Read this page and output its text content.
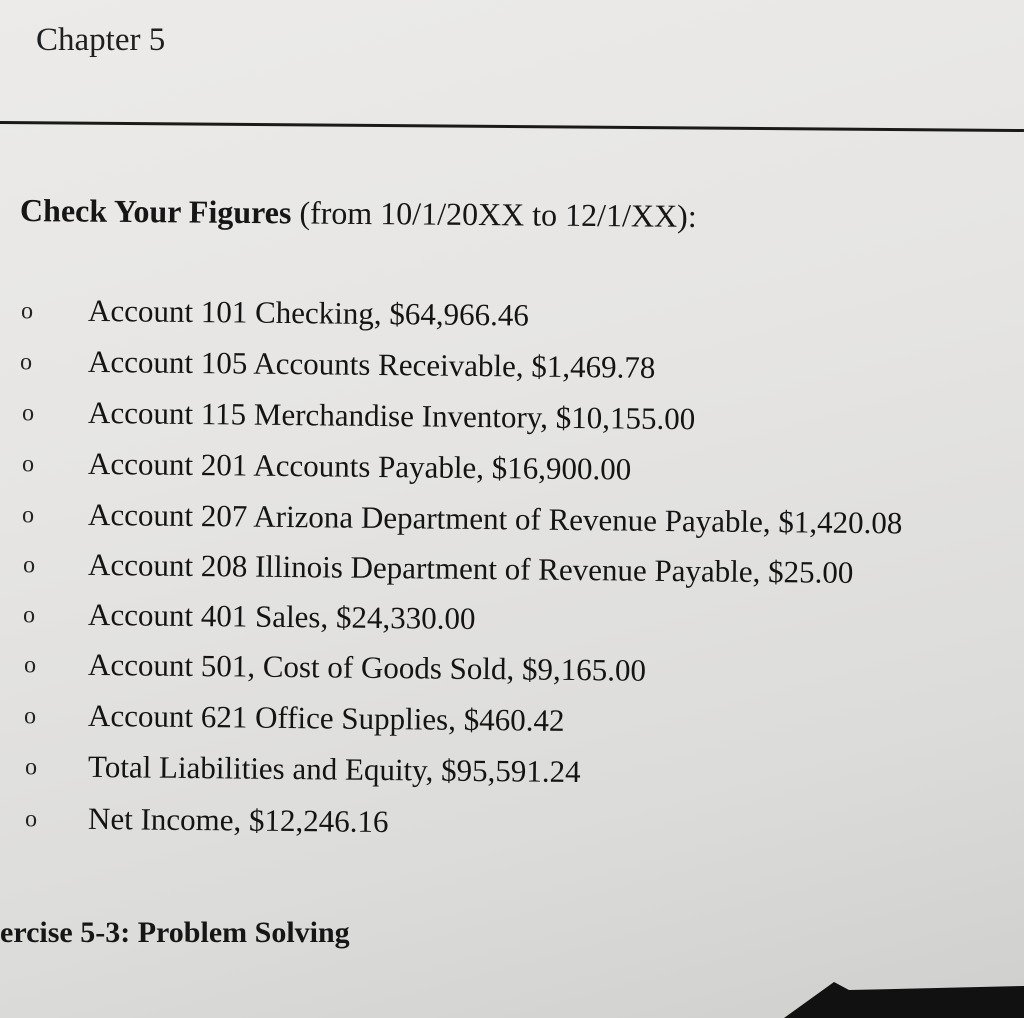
Chapter 5
Check Your Figures (from 10/1/20XX to 12/1/XX):
o Account 101 Checking, $64,966.46
o Account 105 Accounts Receivable, $1,469.78
o Account 115 Merchandise Inventory, $10,155.00
o Account 201 Accounts Payable, $16,900.00
o Account 207 Arizona Department of Revenue Payable, $1,420.08
o Account 208 Illinois Department of Revenue Payable, $25.00
o Account 401 Sales, $24,330.00
o Account 501, Cost of Goods Sold, $9,165.00
o Account 621 Office Supplies, $460.42
o Total Liabilities and Equity, $95,591.24
o Net Income, $12,246.16
ercise 5-3: Problem Solving
